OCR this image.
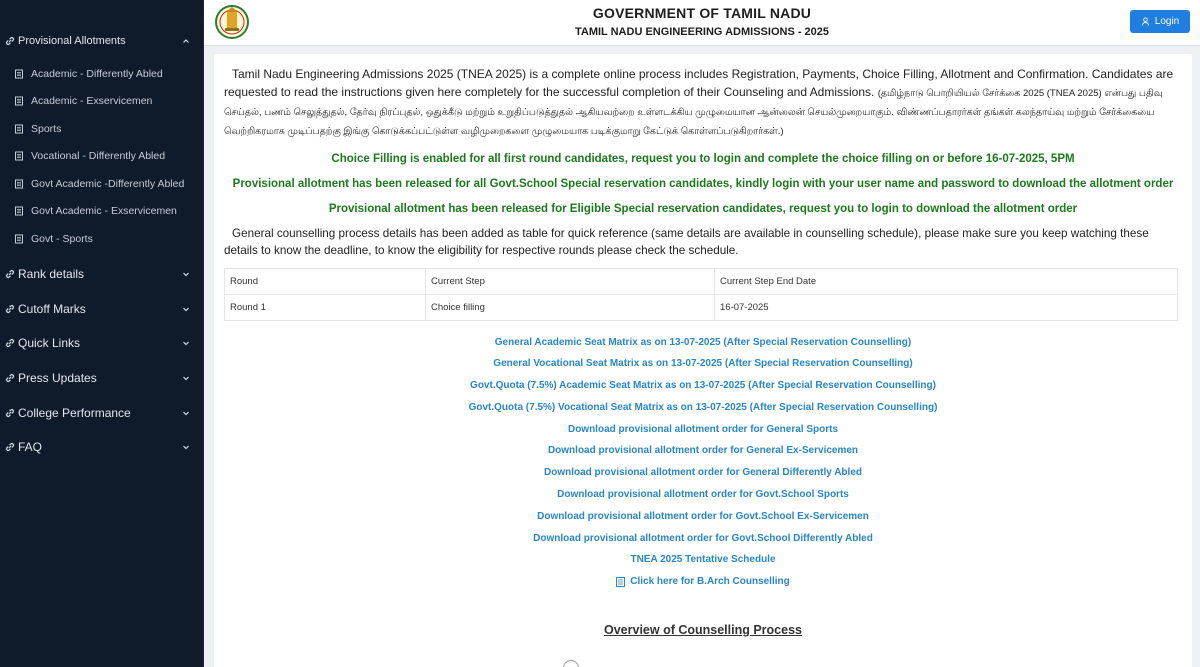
Provisional Allotments
Academic - Differently Abled
Academic - Exservicemen
Sports
Vocational - Differently Abled
Govt Academic -Differently Abled
Govt Academic - Exservicemen
Govt - Sports
Rank details
Cutoff Marks
Quick Links
Press Updates
College Performance
FAQ
GOVERNMENT OF TAMIL NADU
TAMIL NADU ENGINEERING ADMISSIONS - 2025
Login

Tamil Nadu Engineering Admissions 2025 (TNEA 2025) is a complete online process includes Registration, Payments, Choice Filling, Allotment and Confirmation. Candidates are requested to read the instructions given here completely for the successful completion of their Counseling and Admissions. (தமிழ்நாடு பொறியியல் சேர்க்கை 2025 (TNEA 2025) என்பது பதிவு செய்தல், பணம் செலுத்துதல், தேர்வு நிரப்புதல், ஒதுக்கீடு மற்றும் உறுதிப்படுத்துதல் ஆகியவற்றை உள்ளடக்கிய முழுமையான ஆன்லைன் செயல்முறையாகும். விண்ணப்பதாரர்கள் தங்கள் கலந்தாய்வு மற்றும் சேர்க்கையை வெற்றிகரமாக முடிப்பதற்கு இங்கு கொடுக்கப்பட்டுள்ள வழிமுறைகளை முழுமையாக படிக்குமாறு கேட்டுக் கொள்ளப்படுகிறார்கள்.)

Choice Filling is enabled for all first round candidates, request you to login and complete the choice filling on or before 16-07-2025, 5PM

Provisional allotment has been released for all Govt.School Special reservation candidates, kindly login with your user name and password to download the allotment order

Provisional allotment has been released for Eligible Special reservation candidates, request you to login to download the allotment order

General counselling process details has been added as table for quick reference (same details are available in counselling schedule), please make sure you keep watching these details to know the deadline, to know the eligibility for respective rounds please check the schedule.

Round	Current Step	Current Step End Date
Round 1	Choice filling	16-07-2025
General Academic Seat Matrix as on 13-07-2025 (After Special Reservation Counselling)
General Vocational Seat Matrix as on 13-07-2025 (After Special Reservation Counselling)
Govt.Quota (7.5%) Academic Seat Matrix as on 13-07-2025 (After Special Reservation Counselling)
Govt.Quota (7.5%) Vocational Seat Matrix as on 13-07-2025 (After Special Reservation Counselling)
Download provisional allotment order for General Sports
Download provisional allotment order for General Ex-Servicemen
Download provisional allotment order for General Differently Abled
Download provisional allotment order for Govt.School Sports
Download provisional allotment order for Govt.School Ex-Servicemen
Download provisional allotment order for Govt.School Differently Abled
TNEA 2025 Tentative Schedule
Click here for B.Arch Counselling
Overview of Counselling Process
